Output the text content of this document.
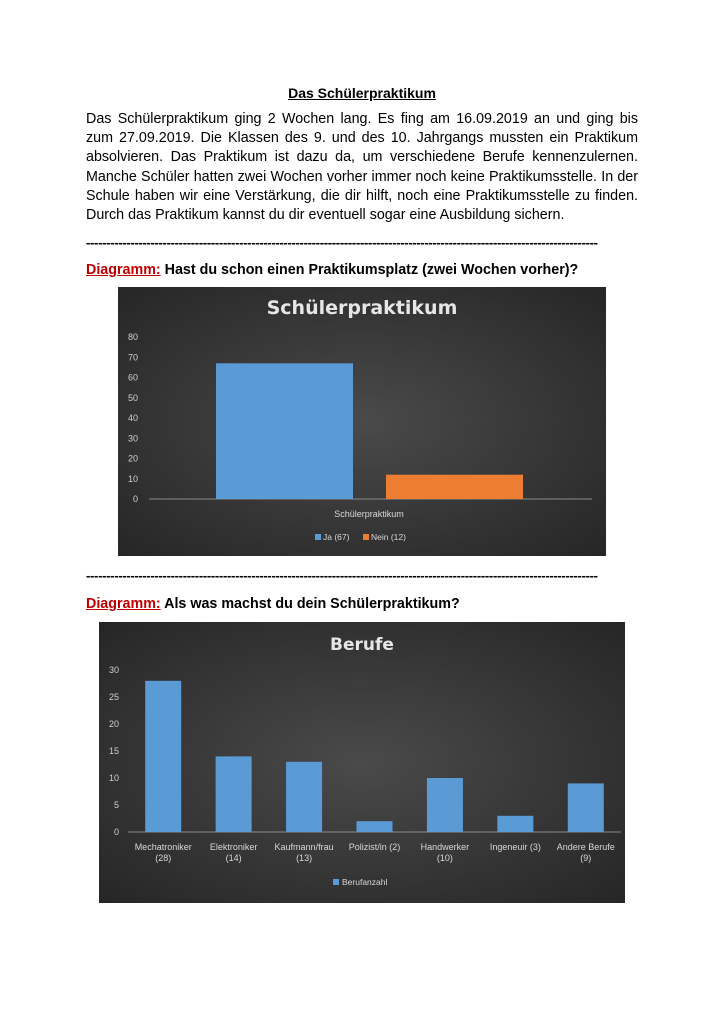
Das Schülerpraktikum
Das Schülerpraktikum ging 2 Wochen lang. Es fing am 16.09.2019 an und ging bis zum 27.09.2019. Die Klassen des 9. und des 10. Jahrgangs mussten ein Praktikum absolvieren. Das Praktikum ist dazu da, um verschiedene Berufe kennenzulernen. Manche Schüler hatten zwei Wochen vorher immer noch keine Praktikumsstelle. In der Schule haben wir eine Verstärkung, die dir hilft, noch eine Praktikumsstelle zu finden. Durch das Praktikum kannst du dir eventuell sogar eine Ausbildung sichern.
-------------------------------------------------------------------------------------------------------------------------------
Diagramm: Hast du schon einen Praktikumsplatz (zwei Wochen vorher)?
Schülerpraktikum
0
10
20
30
40
50
60
70
80
Schülerpraktikum
Ja (67)	Nein (12)
-------------------------------------------------------------------------------------------------------------------------------
Diagramm: Als was machst du dein Schülerpraktikum?
Berufe
0
5
10
15
20
25
30
Mechatroniker
(28)
Elektroniker
(14)
Kaufmann/frau
(13)
Polizist/in (2) Handwerker
(10)
Ingeneuir (3) Andere Berufe
(9)
Berufanzahl
